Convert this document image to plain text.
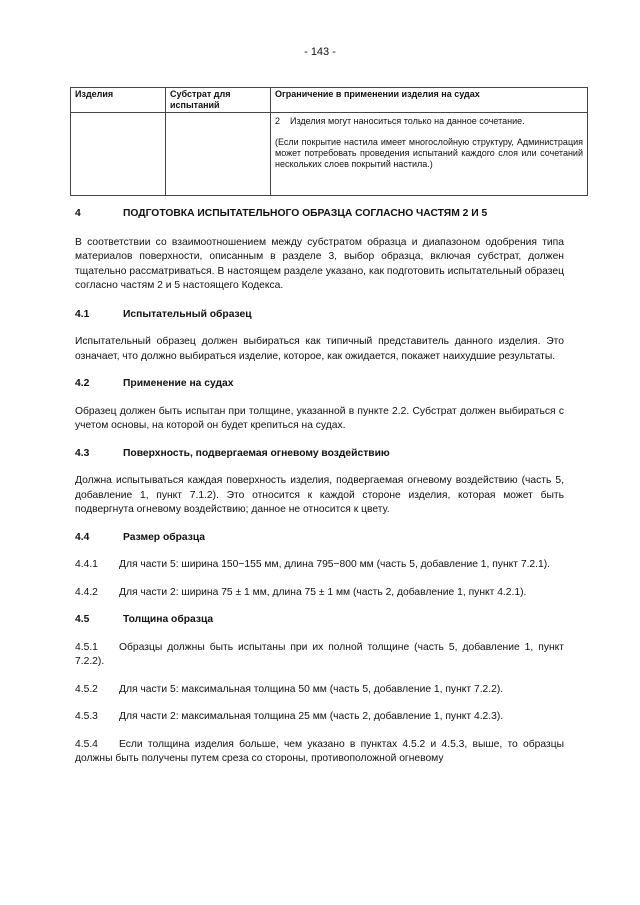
- 143 -
Изделия	Субстрат для испытаний	Ограничение в применении изделия на судах

		2 Изделия могут наноситься только на данное сочетание.
(Если покрытие настила имеет многослойную структуру, Администрация может потребовать проведения испытаний каждого слоя или сочетаний нескольких слоев покрытий настила.)
4	ПОДГОТОВКА ИСПЫТАТЕЛЬНОГО ОБРАЗЦА СОГЛАСНО ЧАСТЯМ 2 И 5

В соответствии со взаимоотношением между субстратом образца и диапазоном одобрения типа материалов поверхности, описанным в разделе 3, выбор образца, включая субстрат, должен тщательно рассматриваться. В настоящем разделе указано, как подготовить испытательный образец согласно частям 2 и 5 настоящего Кодекса.

4.1	Испытательный образец

Испытательный образец должен выбираться как типичный представитель данного изделия. Это означает, что должно выбираться изделие, которое, как ожидается, покажет наихудшие результаты.

4.2	Применение на судах

Образец должен быть испытан при толщине, указанной в пункте 2.2. Субстрат должен выбираться с учетом основы, на которой он будет крепиться на судах.

4.3	Поверхность, подвергаемая огневому воздействию

Должна испытываться каждая поверхность изделия, подвергаемая огневому воздействию (часть 5, добавление 1, пункт 7.1.2). Это относится к каждой стороне изделия, которая может быть подвергнута огневому воздействию; данное не относится к цвету.

4.4	Размер образца

4.4.1 Для части 5: ширина 150−155 мм, длина 795−800 мм (часть 5, добавление 1, пункт 7.2.1).

4.4.2 Для части 2: ширина 75 ± 1 мм, длина 75 ± 1 мм (часть 2, добавление 1, пункт 4.2.1).

4.5	Толщина образца

4.5.1 Образцы должны быть испытаны при их полной толщине (часть 5, добавление 1, пункт 7.2.2).

4.5.2 Для части 5: максимальная толщина 50 мм (часть 5, добавление 1, пункт 7.2.2).

4.5.3 Для части 2: максимальная толщина 25 мм (часть 2, добавление 1, пункт 4.2.3).

4.5.4 Если толщина изделия больше, чем указано в пунктах 4.5.2 и 4.5.3, выше, то образцы должны быть получены путем среза со стороны, противоположной огневому
